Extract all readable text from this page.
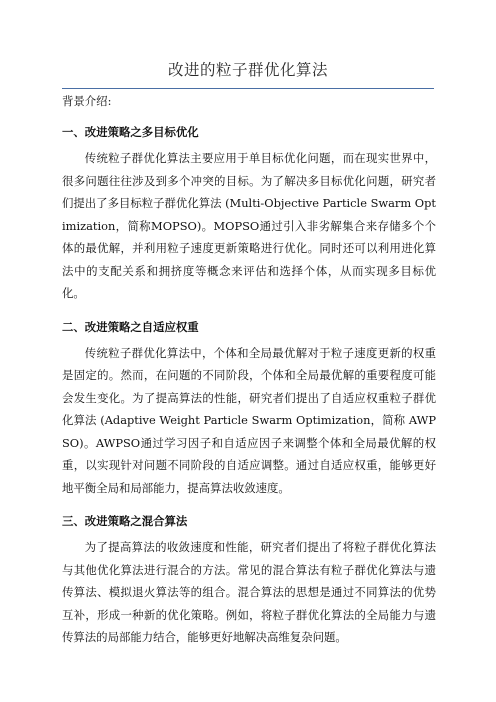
改进的粒子群优化算法

背景介绍:

一、改进策略之多目标优化

传统粒子群优化算法主要应用于单目标优化问题，而在现实世界中，很多问题往往涉及到多个冲突的目标。为了解决多目标优化问题，研究者们提出了多目标粒子群优化算法 (Multi-Objective Particle Swarm Optimization，简称MOPSO)。MOPSO通过引入非劣解集合来存储多个个体的最优解，并利用粒子速度更新策略进行优化。同时还可以利用进化算法中的支配关系和拥挤度等概念来评估和选择个体，从而实现多目标优化。

二、改进策略之自适应权重

传统粒子群优化算法中，个体和全局最优解对于粒子速度更新的权重是固定的。然而，在问题的不同阶段，个体和全局最优解的重要程度可能会发生变化。为了提高算法的性能，研究者们提出了自适应权重粒子群优化算法 (Adaptive Weight Particle Swarm Optimization，简称 AWPSO)。AWPSO通过学习因子和自适应因子来调整个体和全局最优解的权重，以实现针对问题不同阶段的自适应调整。通过自适应权重，能够更好地平衡全局和局部能力，提高算法收敛速度。

三、改进策略之混合算法

为了提高算法的收敛速度和性能，研究者们提出了将粒子群优化算法与其他优化算法进行混合的方法。常见的混合算法有粒子群优化算法与遗传算法、模拟退火算法等的组合。混合算法的思想是通过不同算法的优势互补，形成一种新的优化策略。例如，将粒子群优化算法的全局能力与遗传算法的局部能力结合，能够更好地解决高维复杂问题。
